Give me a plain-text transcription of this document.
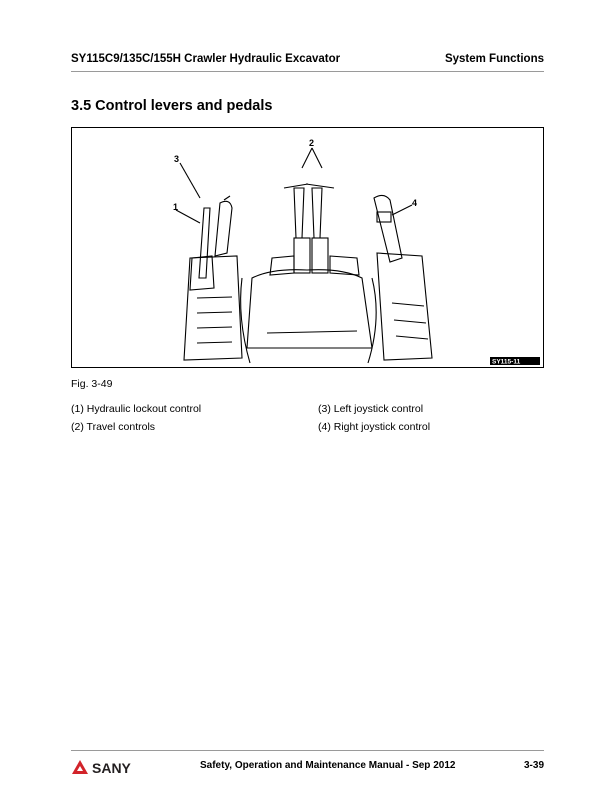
SY115C9/135C/155H Crawler Hydraulic Excavator	System Functions
3.5 Control levers and pedals
3
1
2
4
SY115-11
Fig. 3-49
(1) Hydraulic lockout control	(3) Left joystick control
(2) Travel controls	(4) Right joystick control
SANY	Safety, Operation and Maintenance Manual - Sep 2012	3-39
